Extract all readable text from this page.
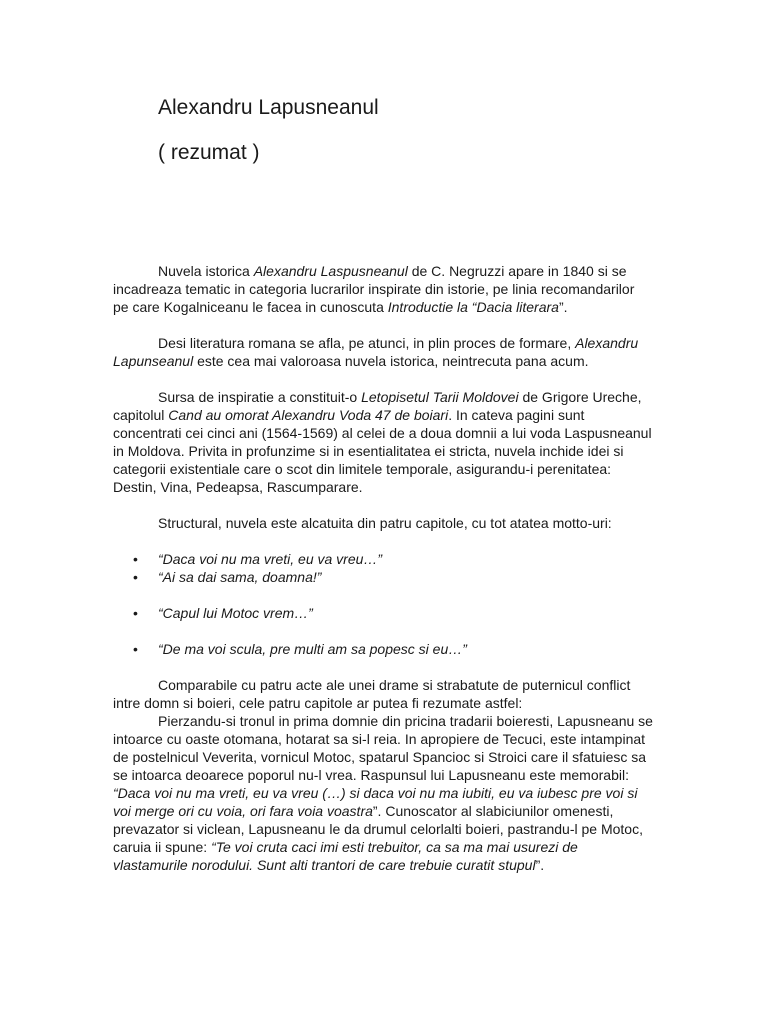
Alexandru Lapusneanul
( rezumat )

Nuvela istorica Alexandru Laspusneanul de C. Negruzzi apare in 1840 si se incadreaza tematic in categoria lucrarilor inspirate din istorie, pe linia recomandarilor pe care Kogalniceanu le facea in cunoscuta Introductie la “Dacia literara”.

Desi literatura romana se afla, pe atunci, in plin proces de formare, Alexandru Lapunseanul este cea mai valoroasa nuvela istorica, neintrecuta pana acum.

Sursa de inspiratie a constituit-o Letopisetul Tarii Moldovei de Grigore Ureche, capitolul Cand au omorat Alexandru Voda 47 de boiari. In cateva pagini sunt concentrati cei cinci ani (1564-1569) al celei de a doua domnii a lui voda Laspusneanul in Moldova. Privita in profunzime si in esentialitatea ei stricta, nuvela inchide idei si categorii existentiale care o scot din limitele temporale, asigurandu-i perenitatea: Destin, Vina, Pedeapsa, Rascumparare.

Structural, nuvela este alcatuita din patru capitole, cu tot atatea motto-uri:

• “Daca voi nu ma vreti, eu va vreu…”
• “Ai sa dai sama, doamna!”
• “Capul lui Motoc vrem…”
• “De ma voi scula, pre multi am sa popesc si eu…”

Comparabile cu patru acte ale unei drame si strabatute de puternicul conflict intre domn si boieri, cele patru capitole ar putea fi rezumate astfel:

Pierzandu-si tronul in prima domnie din pricina tradarii boieresti, Lapusneanu se intoarce cu oaste otomana, hotarat sa si-l reia. In apropiere de Tecuci, este intampinat de postelnicul Veverita, vornicul Motoc, spatarul Spancioc si Stroici care il sfatuiesc sa se intoarca deoarece poporul nu-l vrea. Raspunsul lui Lapusneanu este memorabil: “Daca voi nu ma vreti, eu va vreu (…) si daca voi nu ma iubiti, eu va iubesc pre voi si voi merge ori cu voia, ori fara voia voastra”. Cunoscator al slabiciunilor omenesti, prevazator si viclean, Lapusneanu le da drumul celorlalti boieri, pastrandu-l pe Motoc, caruia ii spune: “Te voi cruta caci imi esti trebuitor, ca sa ma mai usurezi de vlastamurile norodului. Sunt alti trantori de care trebuie curatit stupul”.
